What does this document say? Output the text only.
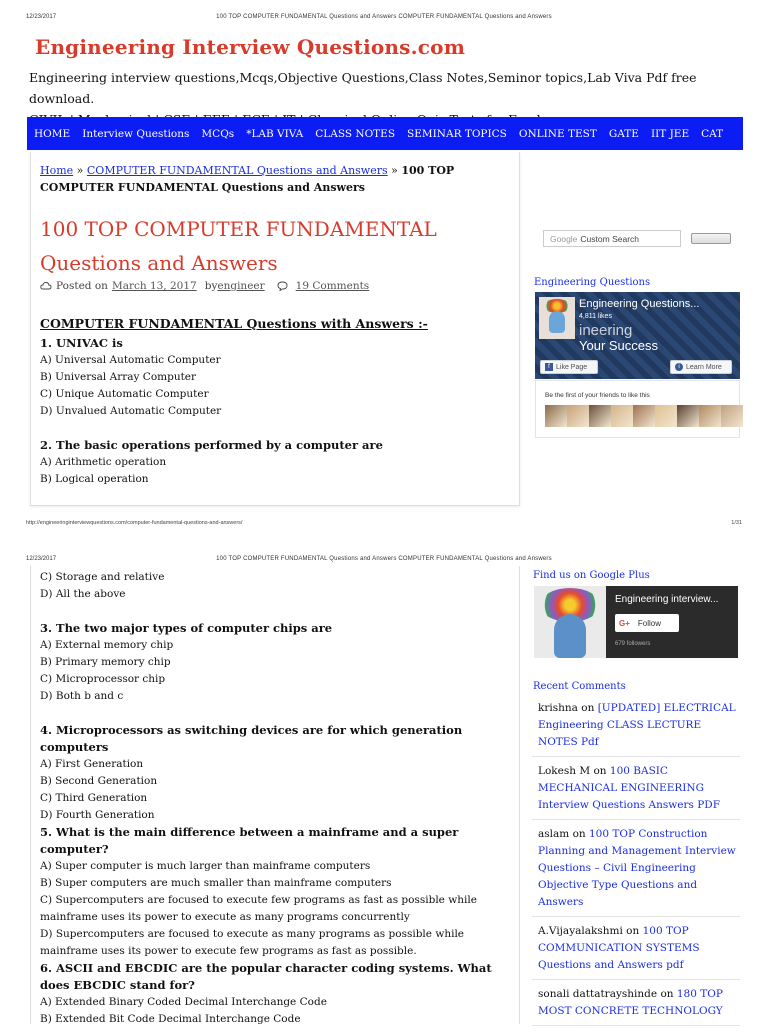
12/23/2017	100 TOP COMPUTER FUNDAMENTAL Questions and Answers COMPUTER FUNDAMENTAL Questions and Answers
Engineering Interview Questions.com
Engineering interview questions,Mcqs,Objective Questions,Class Notes,Seminor topics,Lab Viva Pdf free download.
HOME	Interview Questions	MCQs	*LAB VIVA	CLASS NOTES	SEMINAR TOPICS	ONLINE TEST	GATE	IIT JEE	CAT
Home » COMPUTER FUNDAMENTAL Questions and Answers » 100 TOP COMPUTER FUNDAMENTAL Questions and Answers
100 TOP COMPUTER FUNDAMENTAL Questions and Answers
Posted on March 13, 2017 by engineer	19 Comments
COMPUTER FUNDAMENTAL Questions with Answers :-
1. UNIVAC is
A) Universal Automatic Computer
B) Universal Array Computer
C) Unique Automatic Computer
D) Unvalued Automatic Computer
2. The basic operations performed by a computer are
A) Arithmetic operation
B) Logical operation
http://engineeringinterviewquestions.com/computer-fundamental-questions-and-answers/	1/31
Google Custom Search
Engineering Questions
Engineering Questions...
4,811 likes
ineering
Your Success
f Like Page	i Learn More
Be the first of your friends to like this
12/23/2017	100 TOP COMPUTER FUNDAMENTAL Questions and Answers COMPUTER FUNDAMENTAL Questions and Answers
C) Storage and relative
D) All the above
3. The two major types of computer chips are
A) External memory chip
B) Primary memory chip
C) Microprocessor chip
D) Both b and c
4. Microprocessors as switching devices are for which generation computers
A) First Generation
B) Second Generation
C) Third Generation
D) Fourth Generation
5. What is the main difference between a mainframe and a super computer?
A) Super computer is much larger than mainframe computers
B) Super computers are much smaller than mainframe computers
C) Supercomputers are focused to execute few programs as fast as possible while mainframe uses its power to execute as many programs concurrently
D) Supercomputers are focused to execute as many programs as possible while mainframe uses its power to execute few programs as fast as possible.
6. ASCII and EBCDIC are the popular character coding systems. What does EBCDIC stand for?
A) Extended Binary Coded Decimal Interchange Code
B) Extended Bit Code Decimal Interchange Code
Find us on Google Plus
Engineering interview...
G+ Follow
679 followers
Recent Comments
krishna on [UPDATED] ELECTRICAL Engineering CLASS LECTURE NOTES Pdf
Lokesh M on 100 BASIC MECHANICAL ENGINEERING Interview Questions Answers PDF
aslam on 100 TOP Construction Planning and Management Interview Questions – Civil Engineering Objective Type Questions and Answers
A.Vijayalakshmi on 100 TOP COMMUNICATION SYSTEMS Questions and Answers pdf
sonali dattatrayshinde on 180 TOP MOST CONCRETE TECHNOLOGY
